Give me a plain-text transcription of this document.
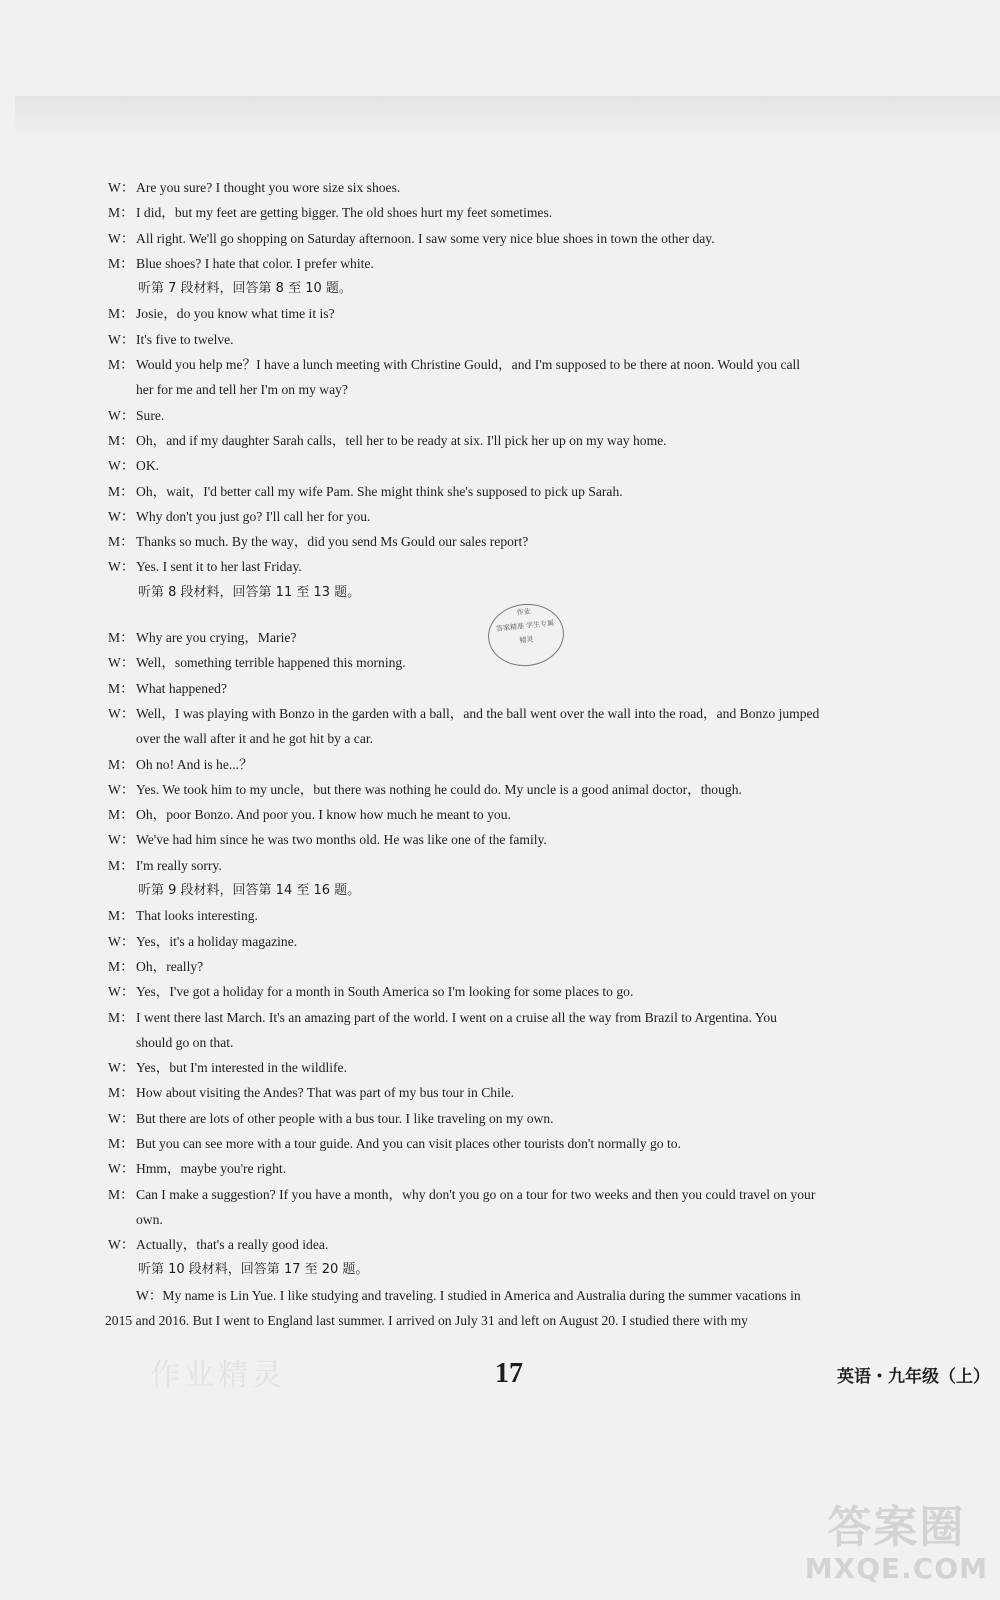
W： Are you sure? I thought you wore size six shoes.
M： I did，but my feet are getting bigger. The old shoes hurt my feet sometimes.
W： All right. We'll go shopping on Saturday afternoon. I saw some very nice blue shoes in town the other day.
M： Blue shoes? I hate that color. I prefer white.
听第 7 段材料，回答第 8 至 10 题。
M： Josie，do you know what time it is?
W： It's five to twelve.
M： Would you help me？I have a lunch meeting with Christine Gould，and I'm supposed to be there at noon. Would you call
her for me and tell her I'm on my way?
W： Sure.
M： Oh，and if my daughter Sarah calls，tell her to be ready at six. I'll pick her up on my way home.
W： OK.
M： Oh，wait，I'd better call my wife Pam. She might think she's supposed to pick up Sarah.
W： Why don't you just go? I'll call her for you.
M： Thanks so much. By the way，did you send Ms Gould our sales report?
W： Yes. I sent it to her last Friday.
听第 8 段材料，回答第 11 至 13 题。
M： Why are you crying，Marie?
W： Well，something terrible happened this morning.
M： What happened?
W： Well，I was playing with Bonzo in the garden with a ball，and the ball went over the wall into the road，and Bonzo jumped
over the wall after it and he got hit by a car.
M： Oh no! And is he...？
W： Yes. We took him to my uncle，but there was nothing he could do. My uncle is a good animal doctor，though.
M： Oh，poor Bonzo. And poor you. I know how much he meant to you.
W： We've had him since he was two months old. He was like one of the family.
M： I'm really sorry.
听第 9 段材料，回答第 14 至 16 题。
M： That looks interesting.
W： Yes，it's a holiday magazine.
M： Oh，really?
W： Yes，I've got a holiday for a month in South America so I'm looking for some places to go.
M： I went there last March. It's an amazing part of the world. I went on a cruise all the way from Brazil to Argentina. You
should go on that.
W： Yes，but I'm interested in the wildlife.
M： How about visiting the Andes? That was part of my bus tour in Chile.
W： But there are lots of other people with a bus tour. I like traveling on my own.
M： But you can see more with a tour guide. And you can visit places other tourists don't normally go to.
W： Hmm，maybe you're right.
M： Can I make a suggestion? If you have a month，why don't you go on a tour for two weeks and then you could travel on your
own.
W： Actually，that's a really good idea.
听第 10 段材料，回答第 17 至 20 题。
W：My name is Lin Yue. I like studying and traveling. I studied in America and Australia during the summer vacations in
2015 and 2016. But I went to England last summer. I arrived on July 31 and left on August 20. I studied there with my
作业
答案精准 学生专属
精灵
作业精灵	17	英语・九年级（上）
答案圈
MXQE.COM
